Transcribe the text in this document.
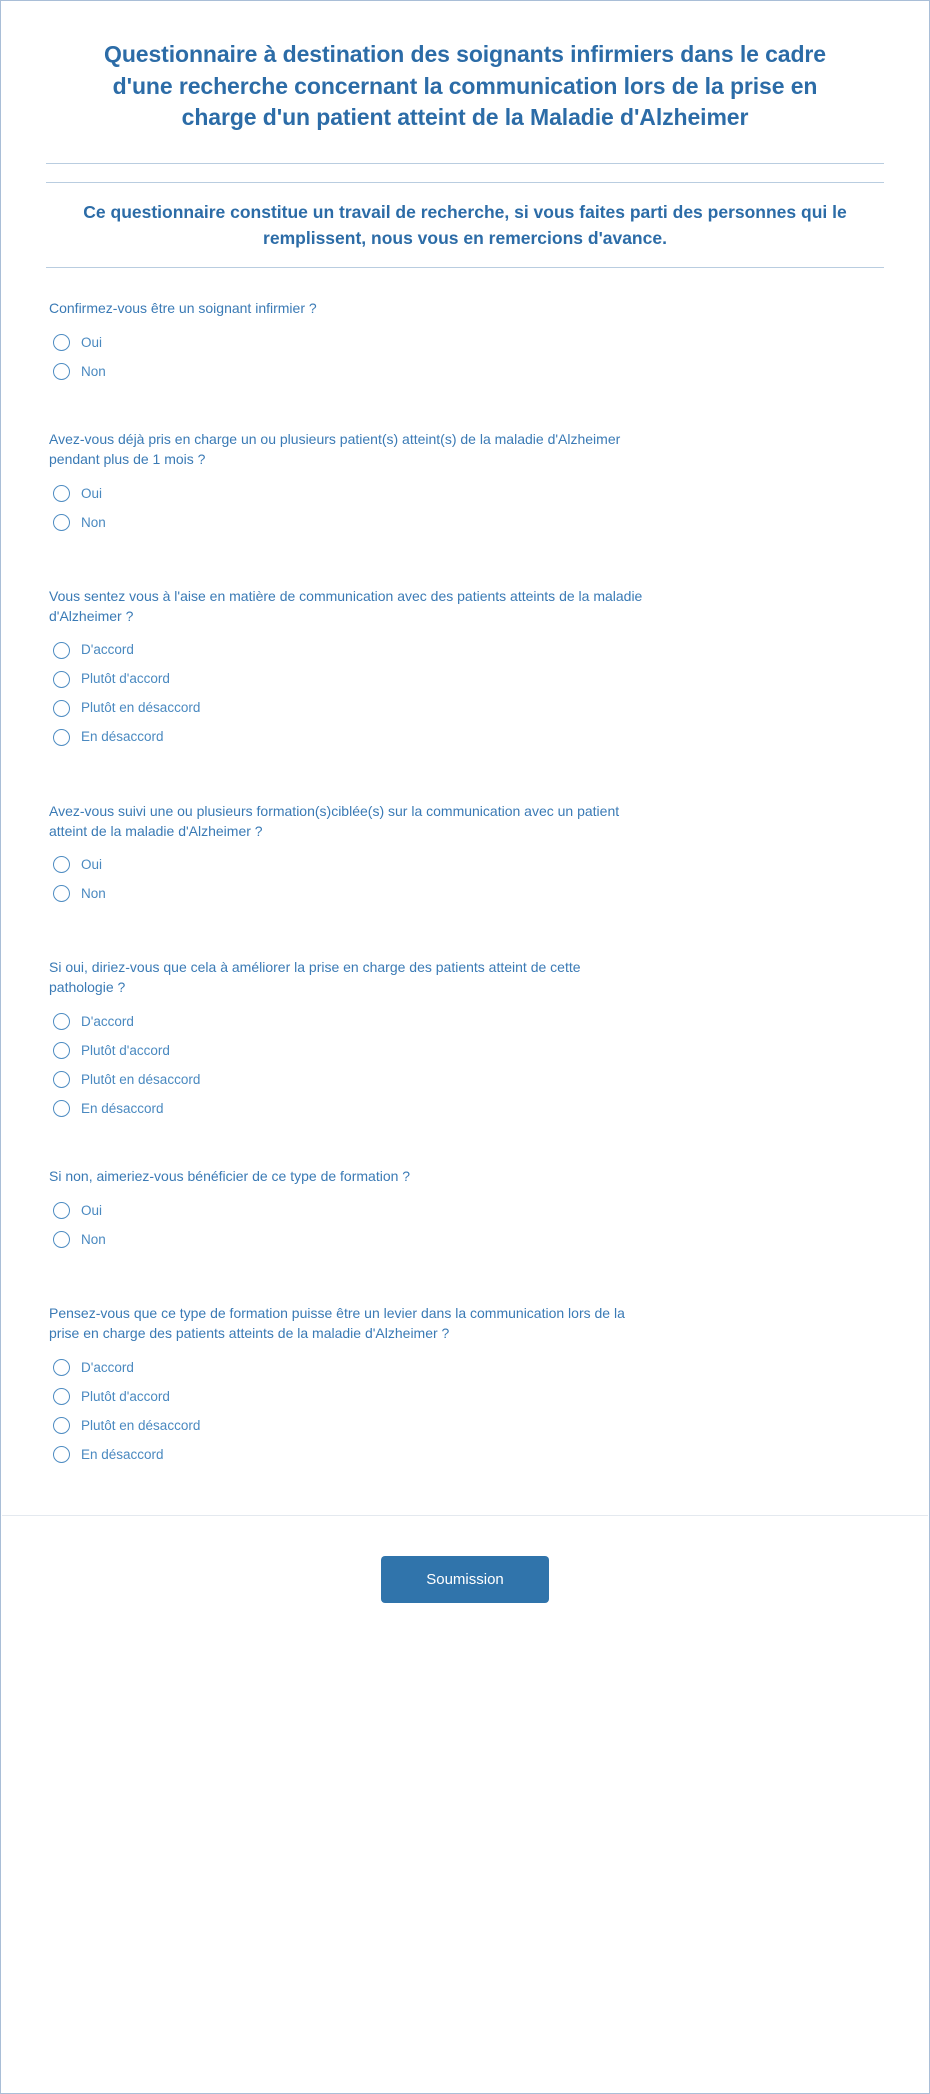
Questionnaire à destination des soignants infirmiers dans le cadre d'une recherche concernant la communication lors de la prise en charge d'un patient atteint de la Maladie d'Alzheimer

Ce questionnaire constitue un travail de recherche, si vous faites parti des personnes qui le remplissent, nous vous en remercions d'avance.

Confirmez-vous être un soignant infirmier ?
Oui
Non
Avez-vous déjà pris en charge un ou plusieurs patient(s) atteint(s) de la maladie d'Alzheimer pendant plus de 1 mois ?
Oui
Non
Vous sentez vous à l'aise en matière de communication avec des patients atteints de la maladie d'Alzheimer ?
D'accord
Plutôt d'accord
Plutôt en désaccord
En désaccord
Avez-vous suivi une ou plusieurs formation(s)ciblée(s) sur la communication avec un patient atteint de la maladie d'Alzheimer ?
Oui
Non
Si oui, diriez-vous que cela à améliorer la prise en charge des patients atteint de cette pathologie ?
D'accord
Plutôt d'accord
Plutôt en désaccord
En désaccord
Si non, aimeriez-vous bénéficier de ce type de formation ?
Oui
Non
Pensez-vous que ce type de formation puisse être un levier dans la communication lors de la prise en charge des patients atteints de la maladie d'Alzheimer ?
D'accord
Plutôt d'accord
Plutôt en désaccord
En désaccord
Soumission
